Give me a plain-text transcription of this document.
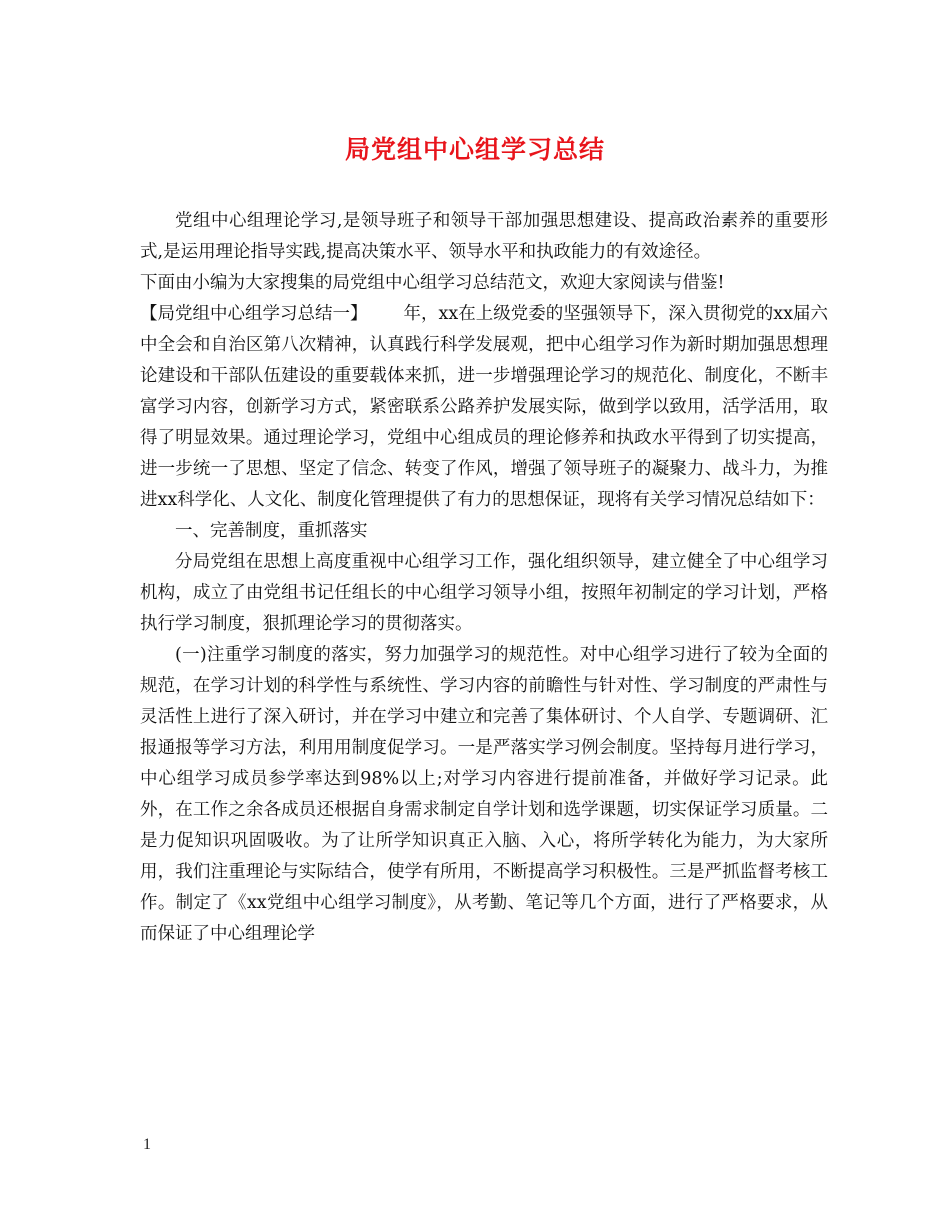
局党组中心组学习总结

党组中心组理论学习,是领导班子和领导干部加强思想建设、提高政治素养的重要形式,是运用理论指导实践,提高决策水平、领导水平和执政能力的有效途径。
下面由小编为大家搜集的局党组中心组学习总结范文，欢迎大家阅读与借鉴!

【局党组中心组学习总结一】 年，xx在上级党委的坚强领导下，深入贯彻党的xx届六中全会和自治区第八次精神，认真践行科学发展观，把中心组学习作为新时期加强思想理论建设和干部队伍建设的重要载体来抓，进一步增强理论学习的规范化、制度化，不断丰富学习内容，创新学习方式，紧密联系公路养护发展实际，做到学以致用，活学活用，取得了明显效果。通过理论学习，党组中心组成员的理论修养和执政水平得到了切实提高，进一步统一了思想、坚定了信念、转变了作风，增强了领导班子的凝聚力、战斗力，为推进xx科学化、人文化、制度化管理提供了有力的思想保证，现将有关学习情况总结如下：

一、完善制度，重抓落实

分局党组在思想上高度重视中心组学习工作，强化组织领导，建立健全了中心组学习机构，成立了由党组书记任组长的中心组学习领导小组，按照年初制定的学习计划，严格执行学习制度，狠抓理论学习的贯彻落实。

(一)注重学习制度的落实，努力加强学习的规范性。对中心组学习进行了较为全面的规范，在学习计划的科学性与系统性、学习内容的前瞻性与针对性、学习制度的严肃性与灵活性上进行了深入研讨，并在学习中建立和完善了集体研讨、个人自学、专题调研、汇报通报等学习方法，利用用制度促学习。一是严落实学习例会制度。坚持每月进行学习，中心组学习成员参学率达到98%以上;对学习内容进行提前准备，并做好学习记录。此外，在工作之余各成员还根据自身需求制定自学计划和选学课题，切实保证学习质量。二是力促知识巩固吸收。为了让所学知识真正入脑、入心，将所学转化为能力，为大家所用，我们注重理论与实际结合，使学有所用，不断提高学习积极性。三是严抓监督考核工作。制定了《xx党组中心组学习制度》，从考勤、笔记等几个方面，进行了严格要求，从而保证了中心组理论学

1
